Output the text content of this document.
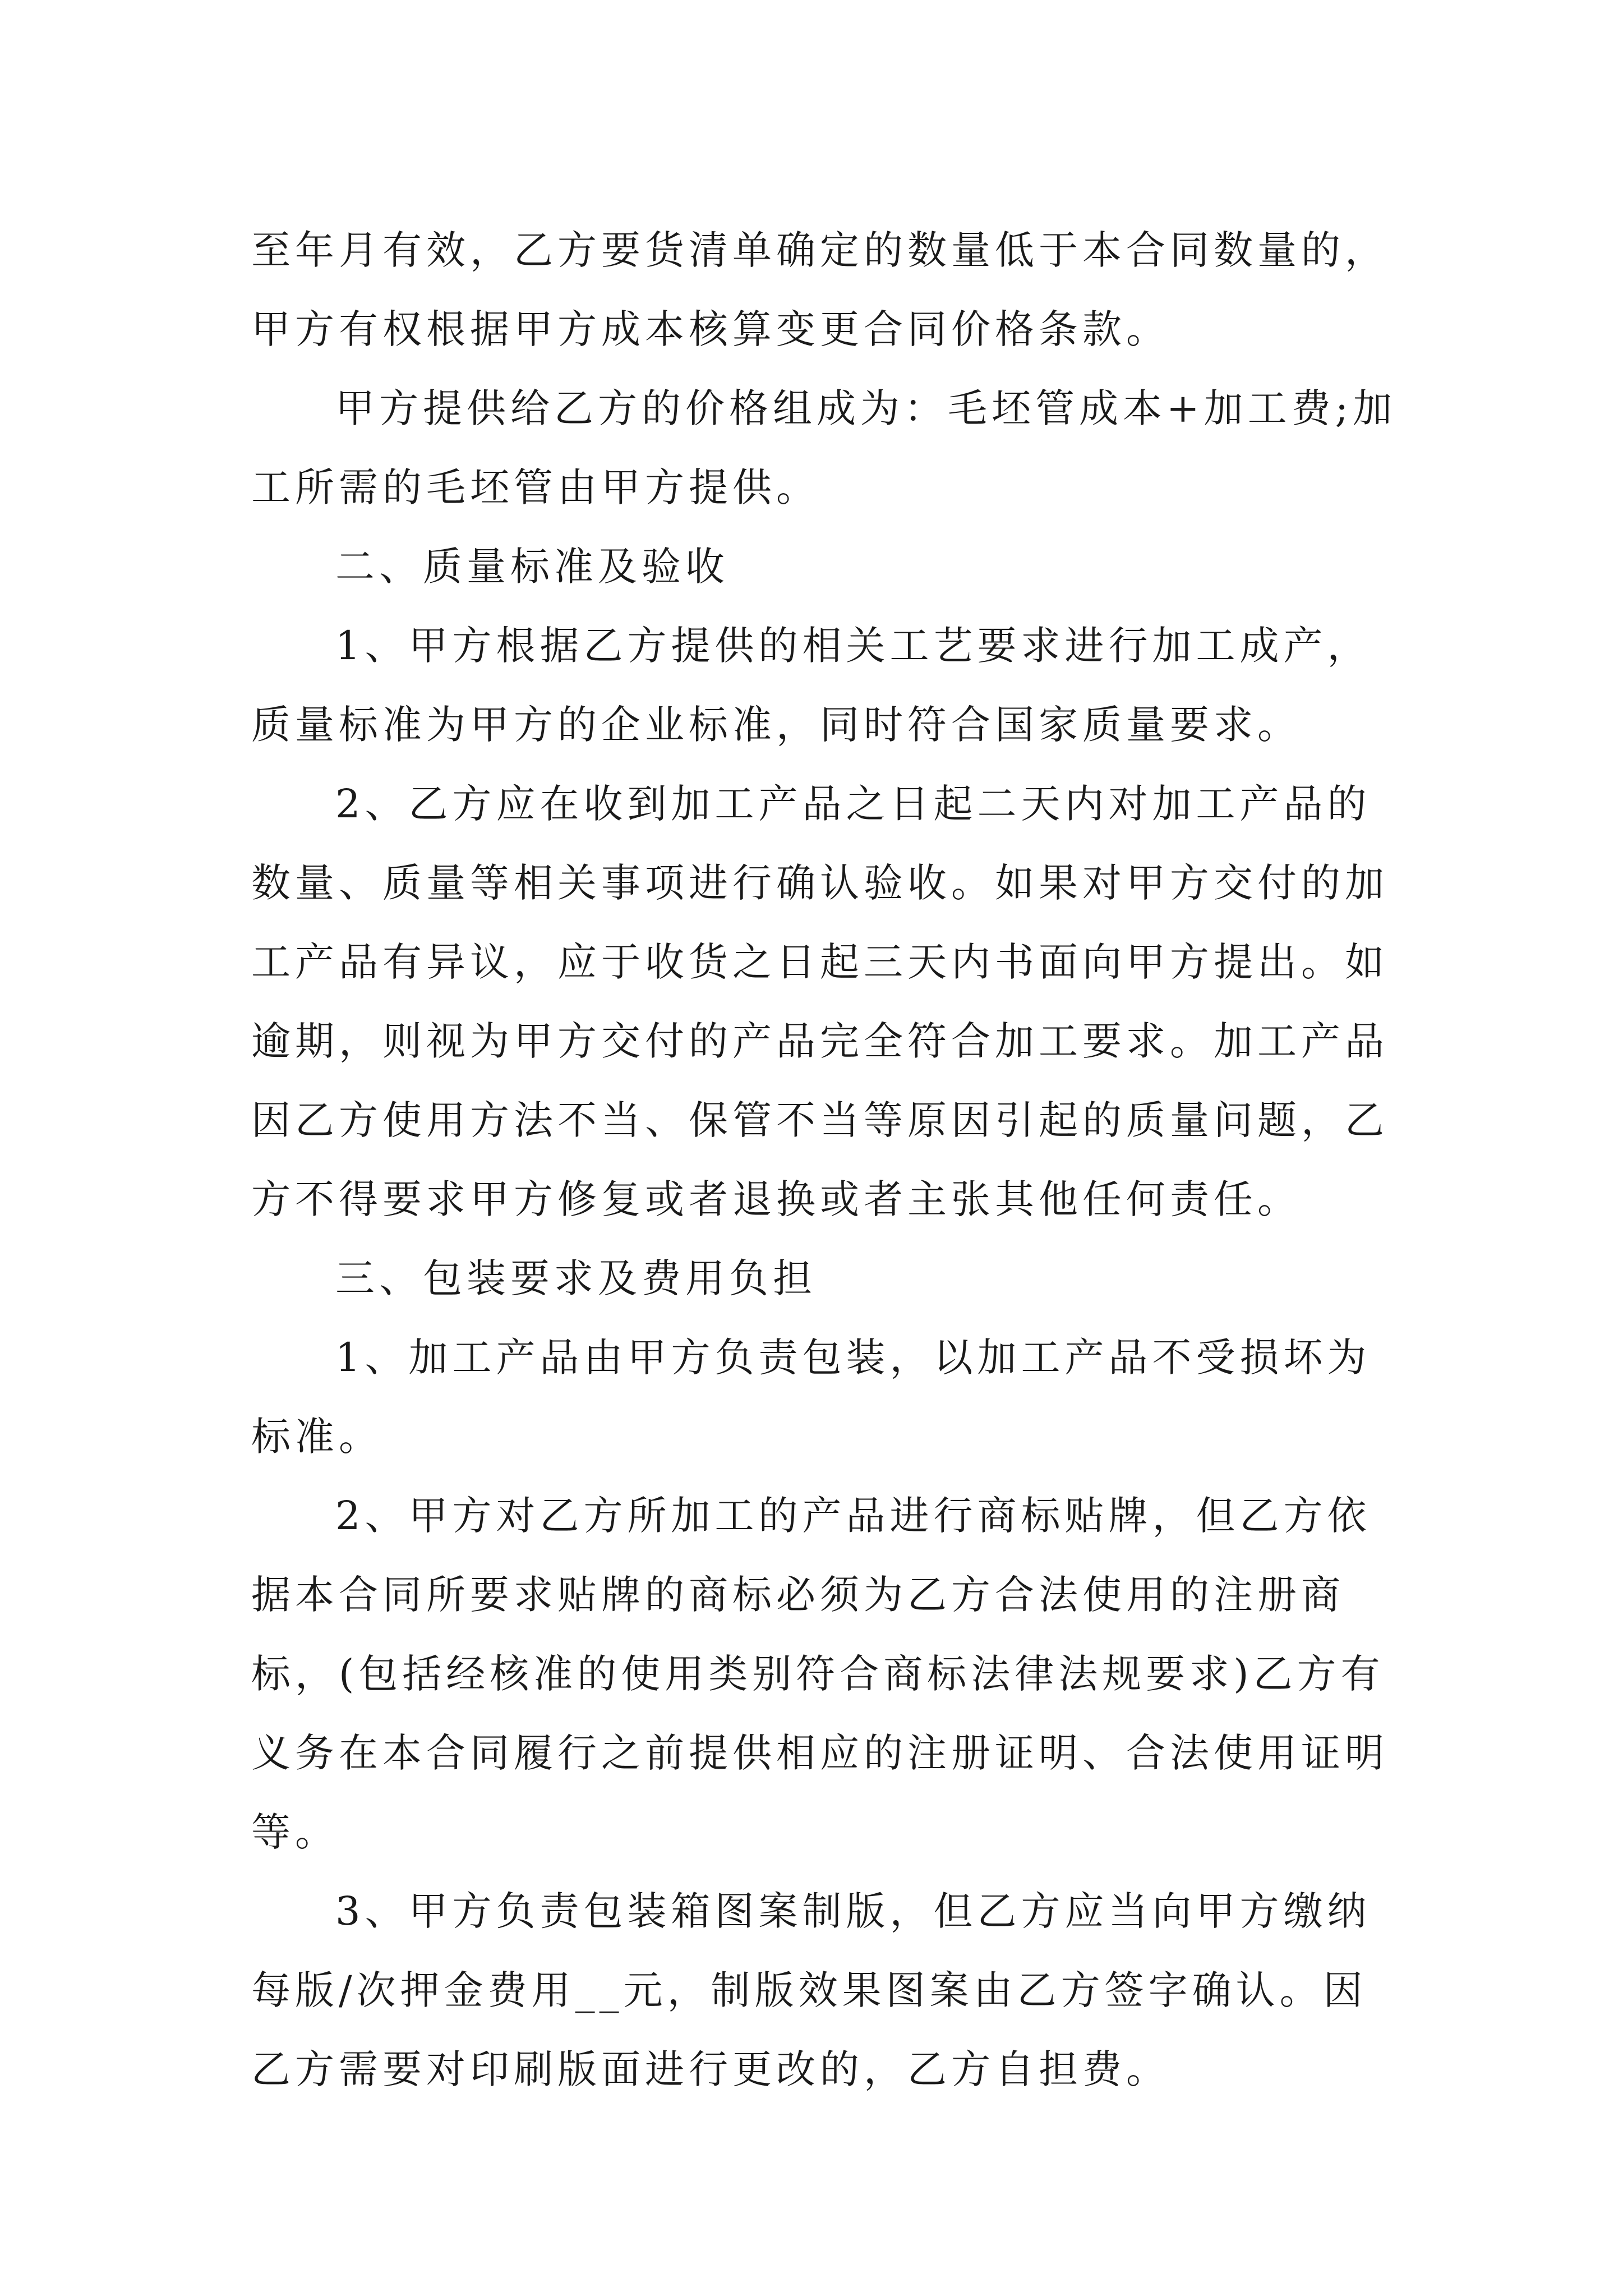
至年月有效，乙方要货清单确定的数量低于本合同数量的，
甲方有权根据甲方成本核算变更合同价格条款。
甲方提供给乙方的价格组成为：毛坯管成本+加工费;加
工所需的毛坯管由甲方提供。
二、质量标准及验收
1、甲方根据乙方提供的相关工艺要求进行加工成产，
质量标准为甲方的企业标准，同时符合国家质量要求。
2、乙方应在收到加工产品之日起二天内对加工产品的
数量、质量等相关事项进行确认验收。如果对甲方交付的加
工产品有异议，应于收货之日起三天内书面向甲方提出。如
逾期，则视为甲方交付的产品完全符合加工要求。加工产品
因乙方使用方法不当、保管不当等原因引起的质量问题，乙
方不得要求甲方修复或者退换或者主张其他任何责任。
三、包装要求及费用负担
1、加工产品由甲方负责包装，以加工产品不受损坏为
标准。
2、甲方对乙方所加工的产品进行商标贴牌，但乙方依
据本合同所要求贴牌的商标必须为乙方合法使用的注册商
标，(包括经核准的使用类别符合商标法律法规要求)乙方有
义务在本合同履行之前提供相应的注册证明、合法使用证明
等。
3、甲方负责包装箱图案制版，但乙方应当向甲方缴纳
每版/次押金费用__元，制版效果图案由乙方签字确认。因
乙方需要对印刷版面进行更改的，乙方自担费。
